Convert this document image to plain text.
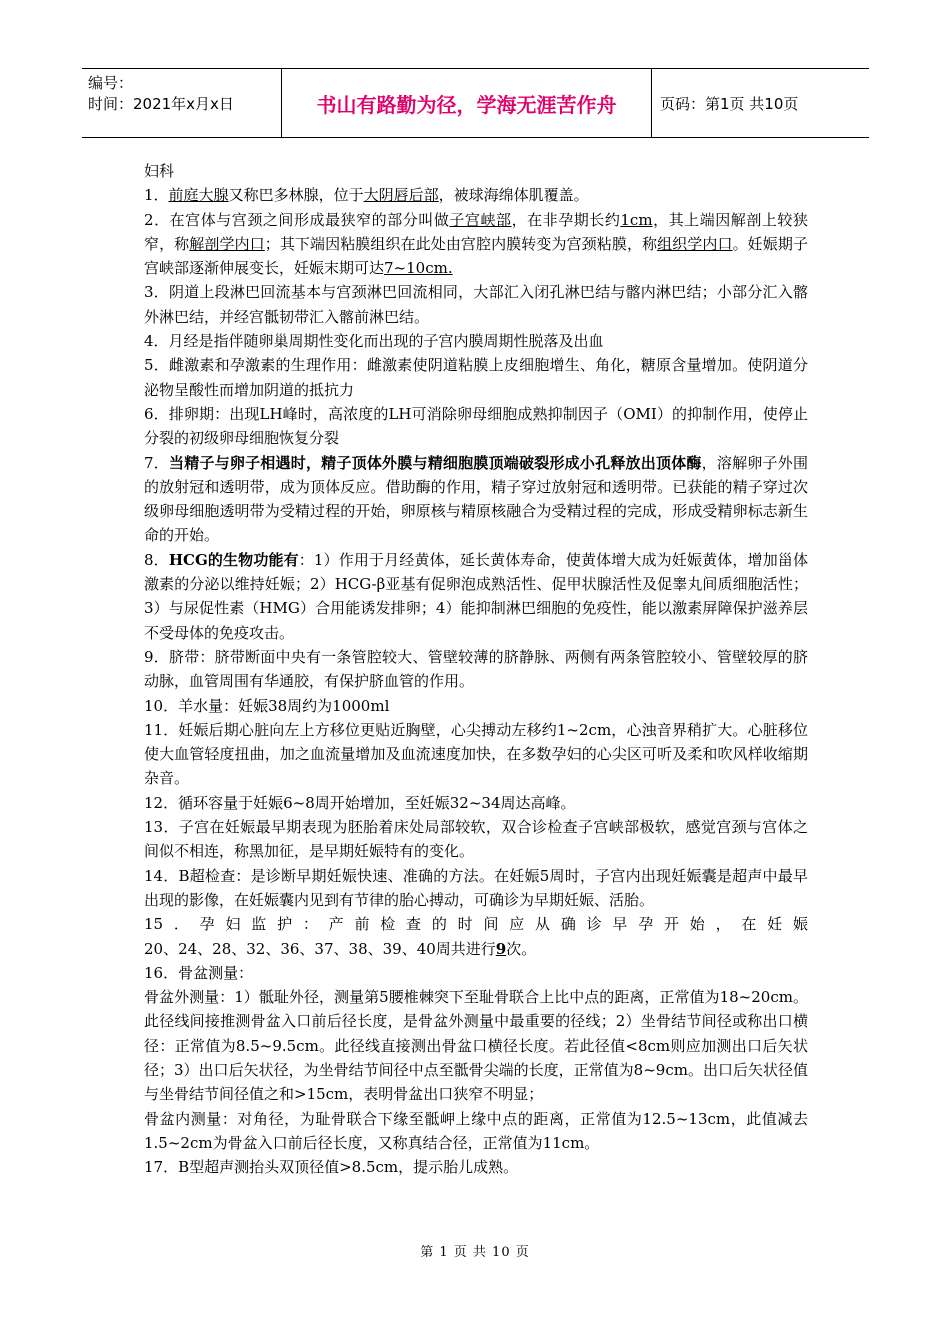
编号：
时间：2021年x月x日	书山有路勤为径，学海无涯苦作舟	页码：第1页 共10页

妇科

1．前庭大腺又称巴多林腺，位于大阴唇后部，被球海绵体肌覆盖。

2．在宫体与宫颈之间形成最狭窄的部分叫做子宫峡部，在非孕期长约1cm，其上端因解剖上较狭窄，称解剖学内口；其下端因粘膜组织在此处由宫腔内膜转变为宫颈粘膜，称组织学内口。妊娠期子宫峡部逐渐伸展变长，妊娠末期可达7~10cm.

3．阴道上段淋巴回流基本与宫颈淋巴回流相同，大部汇入闭孔淋巴结与髂内淋巴结；小部分汇入髂外淋巴结，并经宫骶韧带汇入髂前淋巴结。

4．月经是指伴随卵巢周期性变化而出现的子宫内膜周期性脱落及出血

5．雌激素和孕激素的生理作用：雌激素使阴道粘膜上皮细胞增生、角化，糖原含量增加。使阴道分泌物呈酸性而增加阴道的抵抗力

6．排卵期：出现LH峰时，高浓度的LH可消除卵母细胞成熟抑制因子（OMI）的抑制作用，使停止分裂的初级卵母细胞恢复分裂

7．当精子与卵子相遇时，精子顶体外膜与精细胞膜顶端破裂形成小孔释放出顶体酶，溶解卵子外围的放射冠和透明带，成为顶体反应。借助酶的作用，精子穿过放射冠和透明带。已获能的精子穿过次级卵母细胞透明带为受精过程的开始，卵原核与精原核融合为受精过程的完成，形成受精卵标志新生命的开始。

8．HCG的生物功能有：1）作用于月经黄体，延长黄体寿命，使黄体增大成为妊娠黄体，增加甾体激素的分泌以维持妊娠；2）HCG-β亚基有促卵泡成熟活性、促甲状腺活性及促睾丸间质细胞活性；3）与尿促性素（HMG）合用能诱发排卵；4）能抑制淋巴细胞的免疫性，能以激素屏障保护滋养层不受母体的免疫攻击。

9．脐带：脐带断面中央有一条管腔较大、管壁较薄的脐静脉、两侧有两条管腔较小、管壁较厚的脐动脉，血管周围有华通胶，有保护脐血管的作用。

10．羊水量：妊娠38周约为1000ml

11．妊娠后期心脏向左上方移位更贴近胸壁，心尖搏动左移约1~2cm，心浊音界稍扩大。心脏移位使大血管轻度扭曲，加之血流量增加及血流速度加快，在多数孕妇的心尖区可听及柔和吹风样收缩期杂音。

12．循环容量于妊娠6~8周开始增加，至妊娠32~34周达高峰。

13．子宫在妊娠最早期表现为胚胎着床处局部较软，双合诊检查子宫峡部极软，感觉宫颈与宫体之间似不相连，称黑加征，是早期妊娠特有的变化。

14．B超检查：是诊断早期妊娠快速、准确的方法。在妊娠5周时，子宫内出现妊娠囊是超声中最早出现的影像，在妊娠囊内见到有节律的胎心搏动，可确诊为早期妊娠、活胎。

15．孕妇监护：产前检查的时间应从确诊早孕开始，在妊娠

20、24、28、32、36、37、38、39、40周共进行9次。

16．骨盆测量：

骨盆外测量：1）骶耻外径，测量第5腰椎棘突下至耻骨联合上比中点的距离，正常值为18~20cm。此径线间接推测骨盆入口前后径长度，是骨盆外测量中最重要的径线；2）坐骨结节间径或称出口横径：正常值为8.5~9.5cm。此径线直接测出骨盆口横径长度。若此径值<8cm则应加测出口后矢状径；3）出口后矢状径，为坐骨结节间径中点至骶骨尖端的长度，正常值为8~9cm。出口后矢状径值与坐骨结节间径值之和>15cm，表明骨盆出口狭窄不明显；

骨盆内测量：对角径，为耻骨联合下缘至骶岬上缘中点的距离，正常值为12.5~13cm，此值减去1.5~2cm为骨盆入口前后径长度，又称真结合径，正常值为11cm。

17．B型超声测抬头双顶径值>8.5cm，提示胎儿成熟。

第 1 页 共 10 页
